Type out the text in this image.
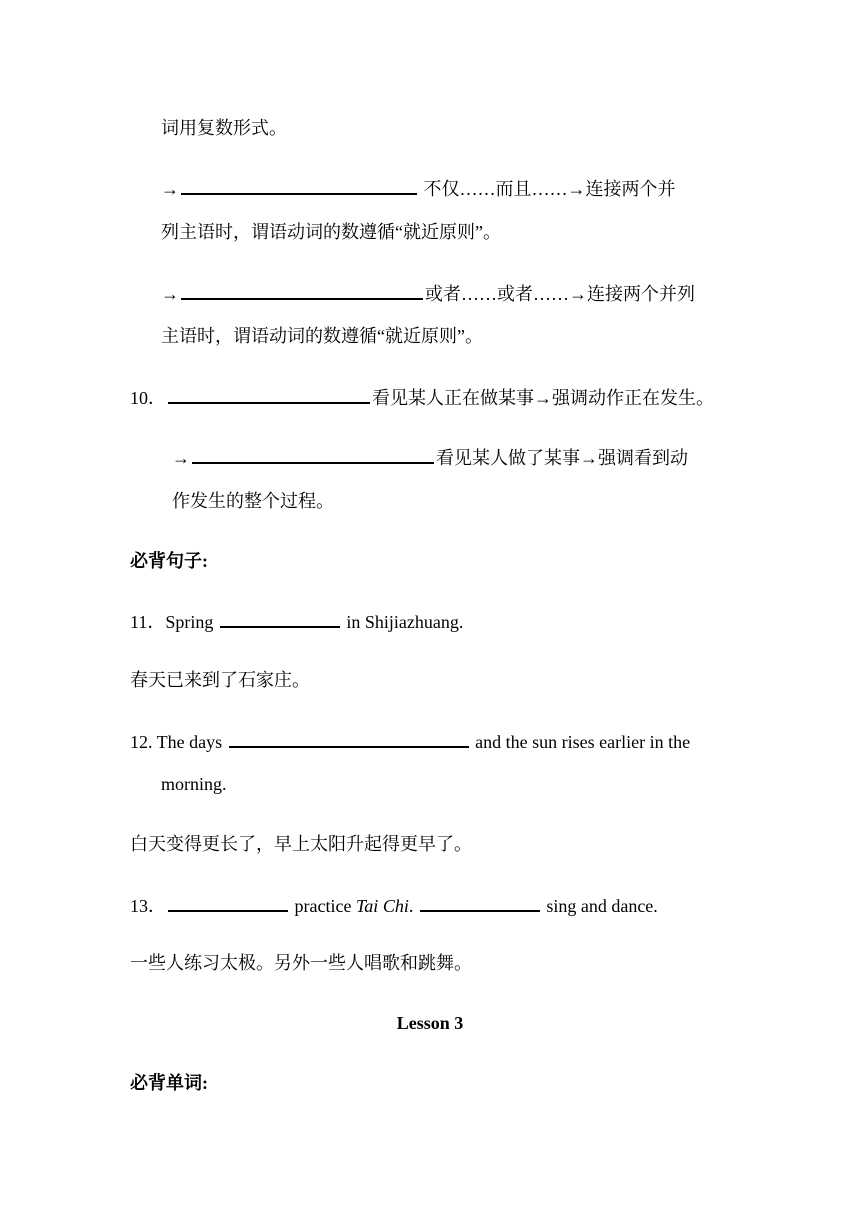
词用复数形式。
→	不仅……而且……→连接两个并
列主语时，谓语动词的数遵循“就近原则”。
→	或者……或者……→连接两个并列
主语时，谓语动词的数遵循“就近原则”。
10．	看见某人正在做某事→强调动作正在发生。
→	看见某人做了某事→强调看到动
作发生的整个过程。
必背句子:
11．Spring	in Shijiazhuang.
春天已来到了石家庄。
12. The days	and the sun rises earlier in the
morning.
白天变得更长了，早上太阳升起得更早了。
13．	practice Tai Chi.	sing and dance.
一些人练习太极。另外一些人唱歌和跳舞。
Lesson 3
必背单词:
